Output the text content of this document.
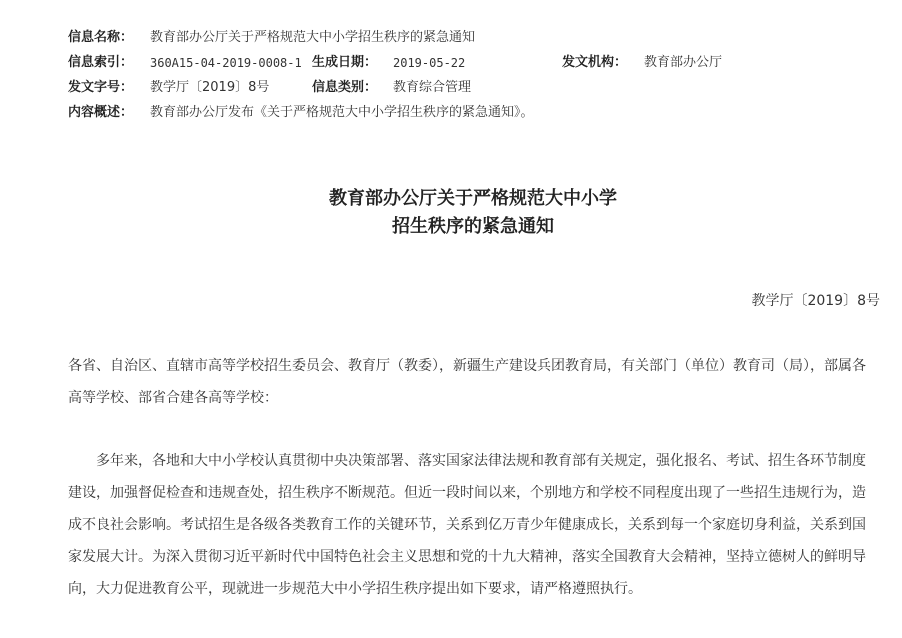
信息名称： 教育部办公厅关于严格规范大中小学招生秩序的紧急通知
信息索引： 360A15-04-2019-0008-1 生成日期： 2019-05-22	发文机构： 教育部办公厅
发文字号： 教学厅〔2019〕8号	信息类别： 教育综合管理
内容概述： 教育部办公厅发布《关于严格规范大中小学招生秩序的紧急通知》。
教育部办公厅关于严格规范大中小学
招生秩序的紧急通知
教学厅〔2019〕8号
各省、自治区、直辖市高等学校招生委员会、教育厅（教委），新疆生产建设兵团教育局，有关部门（单位）教育司（局），部属各高等学校、部省合建各高等学校：
多年来，各地和大中小学校认真贯彻中央决策部署、落实国家法律法规和教育部有关规定，强化报名、考试、招生各环节制度建设，加强督促检查和违规查处，招生秩序不断规范。但近一段时间以来，个别地方和学校不同程度出现了一些招生违规行为，造成不良社会影响。考试招生是各级各类教育工作的关键环节，关系到亿万青少年健康成长，关系到每一个家庭切身利益，关系到国家发展大计。为深入贯彻习近平新时代中国特色社会主义思想和党的十九大精神，落实全国教育大会精神，坚持立德树人的鲜明导向，大力促进教育公平，现就进一步规范大中小学招生秩序提出如下要求，请严格遵照执行。
